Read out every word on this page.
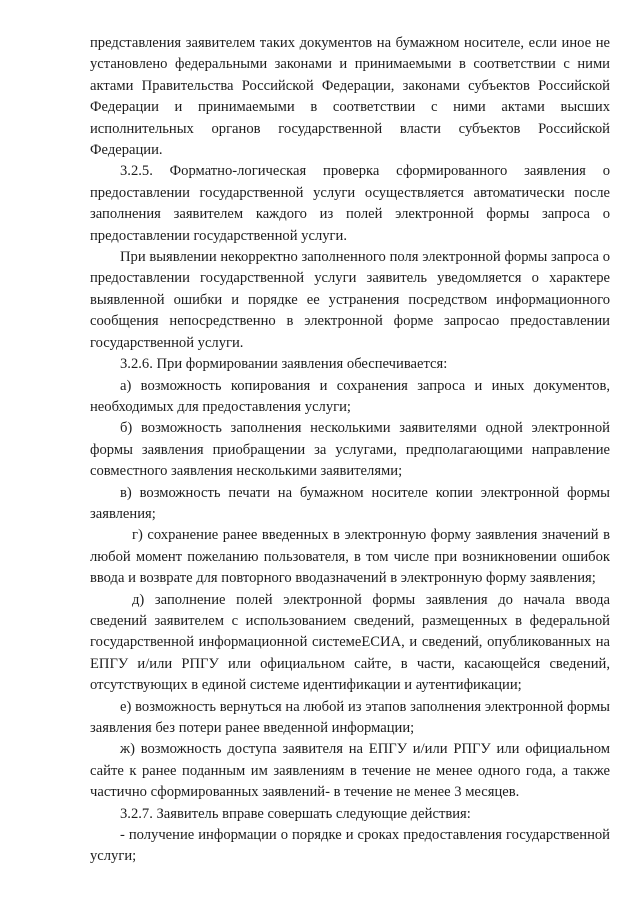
представления заявителем таких документов на бумажном носителе, если иное не установлено федеральными законами и принимаемыми в соответствии с ними актами Правительства Российской Федерации, законами субъектов Российской Федерации и принимаемыми в соответствии с ними актами высших исполнительных органов государственной власти субъектов Российской Федерации.

3.2.5. Форматно-логическая проверка сформированного заявления о предоставлении государственной услуги осуществляется автоматически после заполнения заявителем каждого из полей электронной формы запроса о предоставлении государственной услуги.

При выявлении некорректно заполненного поля электронной формы запроса о предоставлении государственной услуги заявитель уведомляется о характере выявленной ошибки и порядке ее устранения посредством информационного сообщения непосредственно в электронной форме запросао предоставлении государственной услуги.

3.2.6. При формировании заявления обеспечивается:

а) возможность копирования и сохранения запроса и иных документов, необходимых для предоставления услуги;

б) возможность заполнения несколькими заявителями одной электронной формы заявления приобращении за услугами, предполагающими направление совместного заявления несколькими заявителями;

в) возможность печати на бумажном носителе копии электронной формы заявления;

г) сохранение ранее введенных в электронную форму заявления значений в любой момент пожеланию пользователя, в том числе при возникновении ошибок ввода и возврате для повторного вводазначений в электронную форму заявления;

д) заполнение полей электронной формы заявления до начала ввода сведений заявителем с использованием сведений, размещенных в федеральной государственной информационной системеЕСИА, и сведений, опубликованных на ЕПГУ и/или РПГУ или официальном сайте, в части, касающейся сведений, отсутствующих в единой системе идентификации и аутентификации;

е) возможность вернуться на любой из этапов заполнения электронной формы заявления без потери ранее введенной информации;

ж) возможность доступа заявителя на ЕПГУ и/или РПГУ или официальном сайте к ранее поданным им заявлениям в течение не менее одного года, а также частично сформированных заявлений- в течение не менее 3 месяцев.

3.2.7. Заявитель вправе совершать следующие действия:

- получение информации о порядке и сроках предоставления государственной услуги;
